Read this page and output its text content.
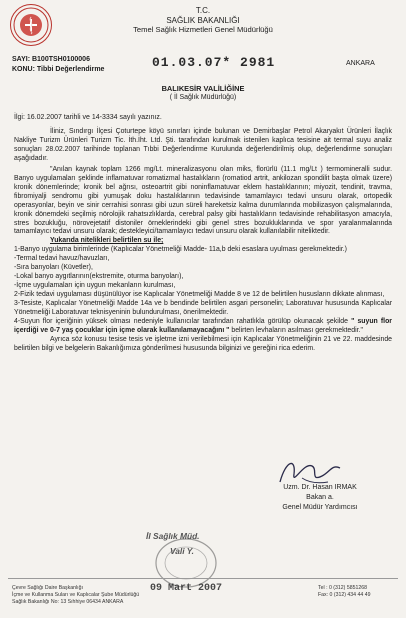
T.C.
SAĞLIK BAKANLIĞI
Temel Sağlık Hizmetleri Genel Müdürlüğü
SAYI: B100TSH0100006
KONU: Tibbi Değerlendirme	01.03.07* 2981	ANKARA
BALIKESİR VALİLİĞİNE
( İl Sağlık Müdürlüğü)
İlgi: 16.02.2007 tarihli ve 14-3334 sayılı yazınız.

İliniz, Sındırgı İlçesi Çoturtepe köyü sınırları içinde bulunan ve Demirbaşlar Petrol Akaryakıt Ürünleri İlaçlık Nakliye Turizm Ürünleri Turizm Tic. İth.İht. Ltd. Şti. tarafından kurulmak istenilen kaplıca tesisine ait termal suyu analiz sonuçları 28.02.2007 tarihinde toplanan Tıbbi Değerlendirme Kurulunda değerlendirilmiş olup, değerlendirme sonuçları aşağıdadır.

"Anılan kaynak toplam 1266 mg/Lt. mineralizasyonu olan miks, florürlü (11.1 mg/Lt ) termomineralli sudur. Banyo uygulamaları şeklinde inflamatuvar romatizmal hastalıkların (romatiod artrit, ankilozan spondilit başta olmak üzere) kronik dönemlerinde; kronik bel ağrısı, osteoartrit gibi noninflamatuvar eklem hastalıklarının; miyozit, tendinit, travma, fibromiyalji sendromu gibi yumuşak doku hastalıklarının tedavisinde tamamlayıcı tedavi unsuru olarak, ortopedik operasyonlar, beyin ve sinir cerrahisi sonrası gibi uzun süreli hareketsiz kalma durumlarında mobilizasyon çalışmalarında, kronik dönemdeki seçilmiş nörolojik rahatsızlıklarda, cerebral palsy gibi hastalıkların tedavisinde rehabilitasyon amacıyla, stres bozukluğu, nörovejetatif distoniler örneklerindeki gibi genel stres bozukluklarında ve spor yaralanmalarında tamamlayıcı tedavi unsuru olarak; destekleyici/tamamlayıcı tedavi unsuru olarak kullanılabilir niteliktedir.

Yukarıda nitelikleri belirtilen su ile;

1-Banyo uygulama birimlerinde (Kaplıcalar Yönetmeliği Madde- 11a,b deki esaslara uyulması gerekmektedir.)

-Termal tedavi havuz/havuzları,

-Sıra banyoları (Küvetler),

-Lokal banyo aygıtlarının(ekstremite, oturma banyoları),

-İçme uygulamaları için uygun mekanların kurulması,

2-Fizik tedavi uygulaması düşünülüyor ise Kaplıcalar Yönetmeliği Madde 8 ve 12 de belirtilen hususların dikkate alınması,

3-Tesiste, Kaplıcalar Yönetmeliği Madde 14a ve b bendinde belirtilen asgari personelin; Laboratuvar hususunda Kaplıcalar Yönetmeliği Laboratuvar teknisyeninin bulundurulması, önerilmektedir.

4-Suyun flor içeriğinin yüksek olması nedeniyle kullanıcılar tarafından rahatlıkla görülüp okunacak şekilde " suyun flor içerdiği ve 0-7 yaş çocuklar için içme olarak kullanılamayacağını " belirten levhaların asılması gerekmektedir."

Ayrıca söz konusu tesise tesis ve işletme izni verilebilmesi için Kaplıcalar Yönetmeliğinin 21 ve 22. maddesinde belirtilen bilgi ve belgelerin Bakanlığımıza gönderilmesi hususunda bilginizi ve gereğini rica ederim.

Uzm. Dr. Hasan IRMAK
Bakan a.
Genel Müdür Yardımcısı
İl Sağlık Müd.
Vali Y.
09 Mart 2007
Çevre Sağlığı Daire Başkanlığı
İçme ve Kullanma Suları ve Kaplıcalar Şube Müdürlüğü
Sağlık Bakanlığı No: 13 Sıhhiye 06434 ANKARA
Tel : 0 (312) 5851268
Fax: 0 (312) 434 44 49
